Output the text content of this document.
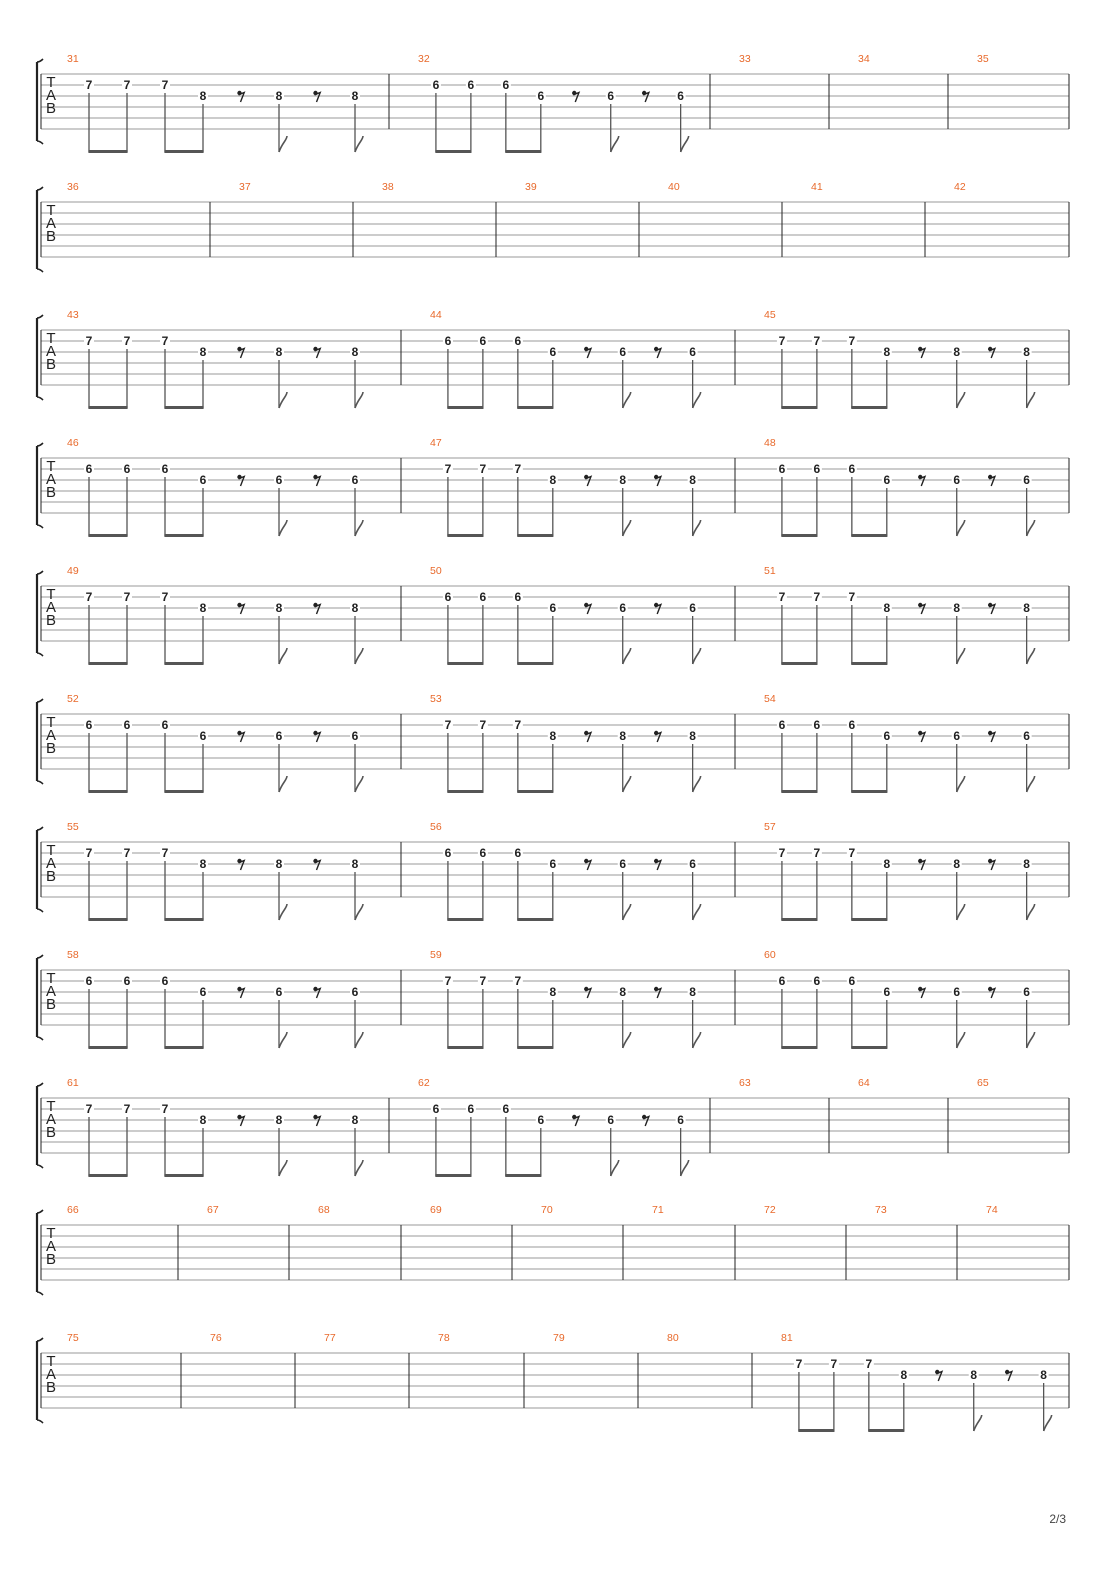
T
A
B
31
7	7	7
8	8	8
32
6 6 6
6	6	6
33	34	35
T
A
B
36	37	38	39	40	41	42
T
A
B
43
7	7	7
8	8	8
44
6 6 6
6	6	6
45
7 7 7
8	8	8
T
A
B
46
6	6	6
6	6	6
47
7 7 7
8	8	8
48
6 6 6
6	6	6
T
A
B
49
7	7	7
8	8	8
50
6 6 6
6	6	6
51
7 7 7
8	8	8
T
A
B
52
6	6	6
6	6	6
53
7 7 7
8	8	8
54
6 6 6
6	6	6
T
A
B
55
7	7	7
8	8	8
56
6 6 6
6	6	6
57
7 7 7
8	8	8
T
A
B
58
6	6	6
6	6	6
59
7 7 7
8	8	8
60
6 6 6
6	6	6
T
A
B
61
7	7	7
8	8	8
62
6 6 6
6	6	6
63	64	65
T
A
B
66	67	68	69	70	71	72	73	74
T
A
B
75	76	77	78	79	80	81
7 7 7
8	8	8
2/3
